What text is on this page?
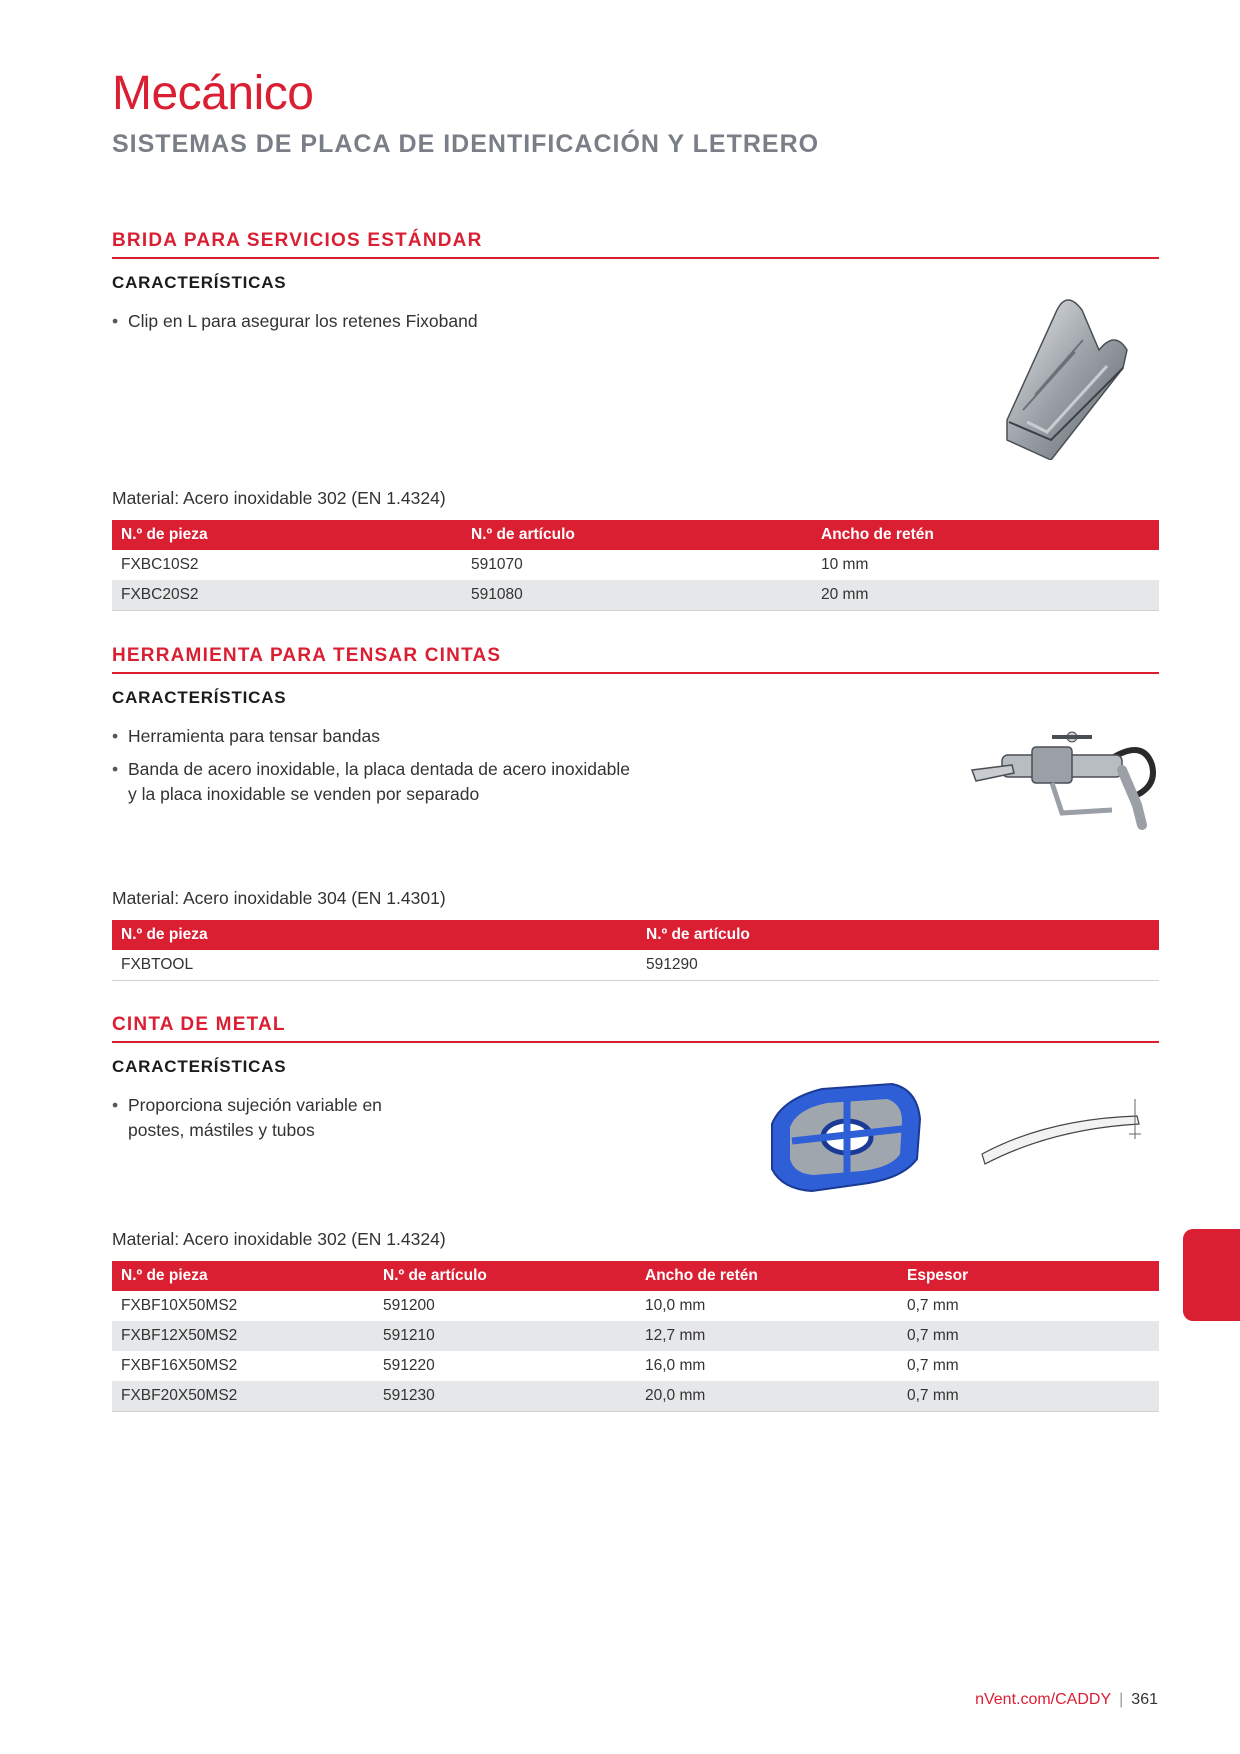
Mecánico
SISTEMAS DE PLACA DE IDENTIFICACIÓN Y LETRERO
BRIDA PARA SERVICIOS ESTÁNDAR
CARACTERÍSTICAS
• Clip en L para asegurar los retenes Fixoband
Material: Acero inoxidable 302 (EN 1.4324)
N.º de pieza	N.º de artículo	Ancho de retén
FXBC10S2	591070	10 mm
FXBC20S2	591080	20 mm
HERRAMIENTA PARA TENSAR CINTAS
CARACTERÍSTICAS
• Herramienta para tensar bandas
• Banda de acero inoxidable, la placa dentada de acero inoxidable y la placa inoxidable se venden por separado
Material: Acero inoxidable 304 (EN 1.4301)
N.º de pieza	N.º de artículo
FXBTOOL	591290
CINTA DE METAL
CARACTERÍSTICAS
• Proporciona sujeción variable en postes, mástiles y tubos
Material: Acero inoxidable 302 (EN 1.4324)
N.º de pieza	N.º de artículo	Ancho de retén	Espesor
FXBF10X50MS2	591200	10,0 mm	0,7 mm
FXBF12X50MS2	591210	12,7 mm	0,7 mm
FXBF16X50MS2	591220	16,0 mm	0,7 mm
FXBF20X50MS2	591230	20,0 mm	0,7 mm
nVent.com/CADDY | 361
